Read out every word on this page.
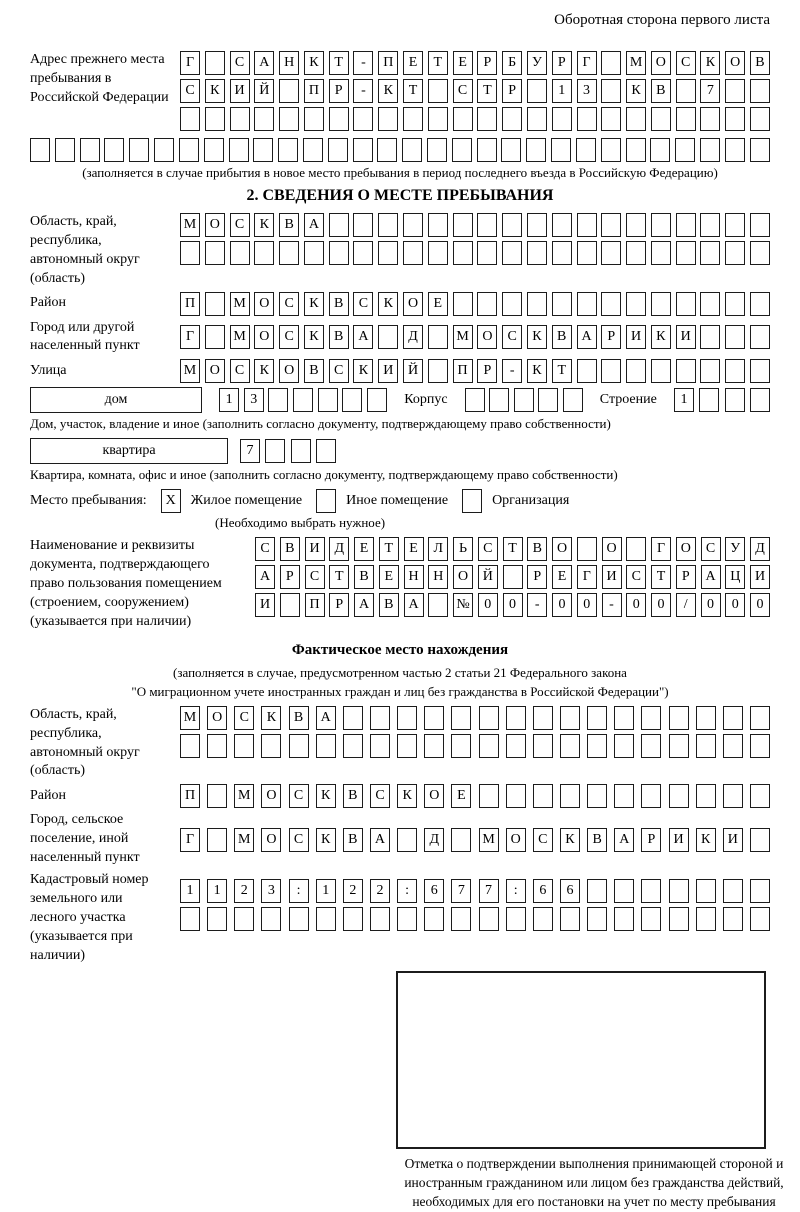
Оборотная сторона первого листа
Адрес прежнего места пребывания в Российской Федерации
Г	С	А	Н	К	Т	-	П	Е	Т	Е	Р	Б	У	Р	Г	М О	С	К	О	В
С	К	И	Й	П	Р	-	К	Т	С	Т	Р	1	3	К	В	7
(заполняется в случае прибытия в новое место пребывания в период последнего въезда в Российскую Федерацию)
2. СВЕДЕНИЯ О МЕСТЕ ПРЕБЫВАНИЯ
Область, край, республика, автономный округ (область)
М О	С	К	В	А
Район	П	М О	С	К	В	С	К	О	Е
Город или другой населенный пункт
Г	М О	С	К	В	А	Д	М О	С	К	В	А	Р	И	К	И
Улица	М О	С	К	О	В	С	К	И	Й	П	Р	-	К	Т
дом	1	3	Корпус	Строение	1
Дом, участок, владение и иное (заполнить согласно документу, подтверждающему право собственности)
квартира	7
Квартира, комната, офис и иное (заполнить согласно документу, подтверждающему право собственности)
Место пребывания:	X	Жилое помещение	Иное помещение	Организация
(Необходимо выбрать нужное)
Наименование и реквизиты документа, подтверждающего право пользования помещением (строением, сооружением) (указывается при наличии)
С	В	И	Д	Е	Т	Е	Л	Ь	С	Т	В	О	О	Г	О	С	У	Д
А	Р	С	Т	В	Е	Н	Н	О	Й	Р	Е	Г	И	С	Т	Р	А	Ц	И
И	П	Р	А	В	А	№	0	0	-	0	0	-	0	0	/	0	0	0
Фактическое место нахождения
(заполняется в случае, предусмотренном частью 2 статьи 21 Федерального закона
"О миграционном учете иностранных граждан и лиц без гражданства в Российской Федерации")
Область, край, республика, автономный округ (область)
М	О	С	К	В	А
Район	П	М	О	С	К	В	С	К	О	Е
Город, сельское поселение, иной населенный пункт
Г	М	О	С	К	В	А	Д	М	О	С	К	В	А	Р	И	К	И
Кадастровый номер земельного или лесного участка (указывается при наличии)
1	1	2	3	:	1	2	2	:	6	7	7	:	6	6
Отметка о подтверждении выполнения принимающей стороной и иностранным гражданином или лицом без гражданства действий, необходимых для его постановки на учет по месту пребывания
